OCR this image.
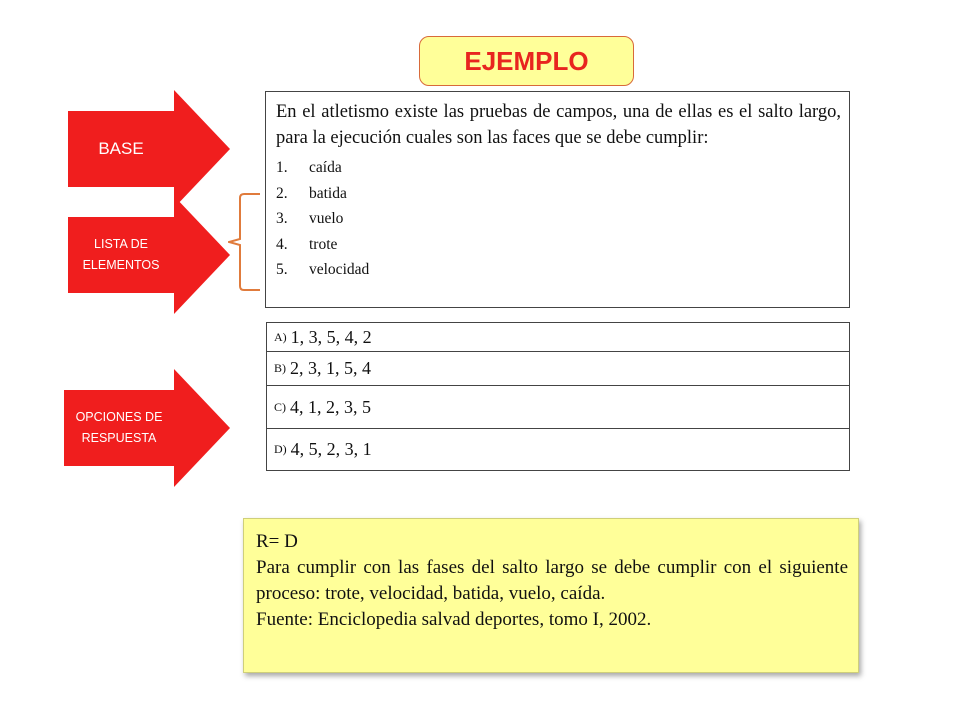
EJEMPLO
BASE
LISTA DE
ELEMENTOS
OPCIONES DE
RESPUESTA

En el atletismo existe las pruebas de campos, una de ellas es el salto largo, para la ejecución cuales son las faces que se debe cumplir:

1.	caída
2.	batida
3.	vuelo
4.	trote
5.	velocidad
A) 1, 3, 5, 4, 2
B) 2, 3, 1, 5, 4
C) 4, 1, 2, 3, 5
D) 4, 5, 2, 3, 1

R= D

Para cumplir con las fases del salto largo se debe cumplir con el siguiente proceso: trote, velocidad, batida, vuelo, caída.

Fuente: Enciclopedia salvad deportes, tomo I, 2002.
